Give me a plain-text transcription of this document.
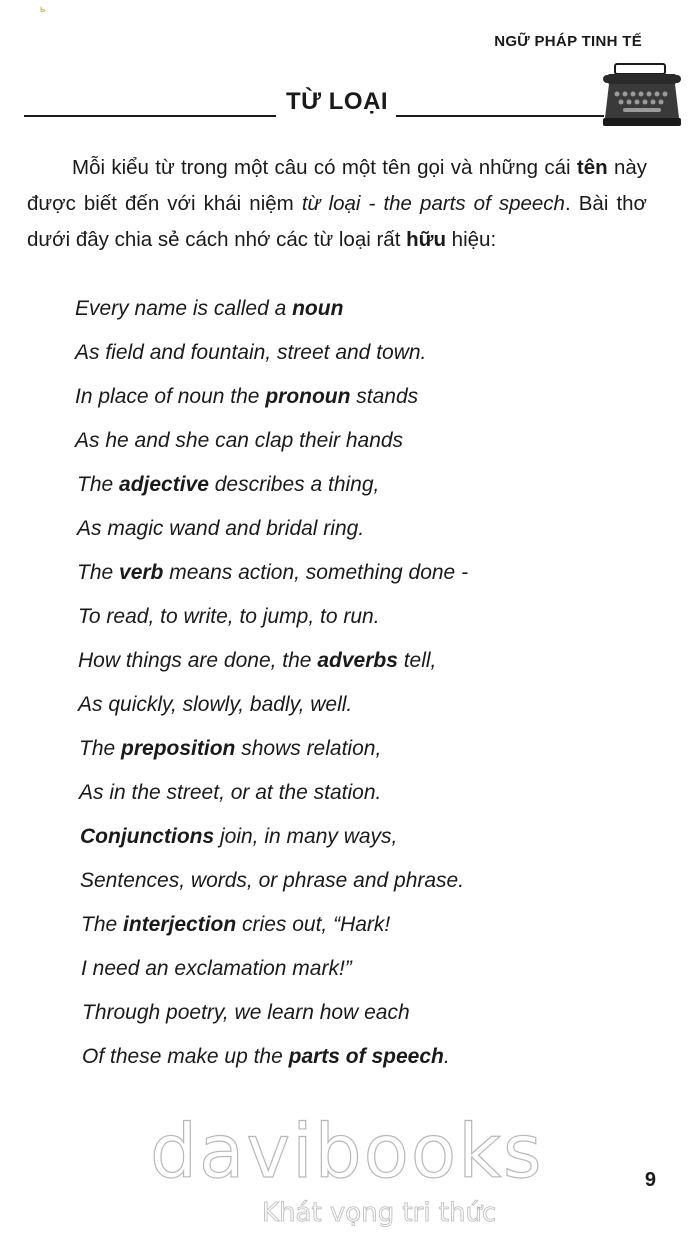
ь
NGỮ PHÁP TINH TẾ
TỪ LOẠI

Mỗi kiểu từ trong một câu có một tên gọi và những cái tên này được biết đến với khái niệm từ loại - the parts of speech. Bài thơ dưới đây chia sẻ cách nhớ các từ loại rất hữu hiệu:

Every name is called a noun
As field and fountain, street and town.
In place of noun the pronoun stands
As he and she can clap their hands
The adjective describes a thing,
As magic wand and bridal ring.
The verb means action, something done -
To read, to write, to jump, to run.
How things are done, the adverbs tell,
As quickly, slowly, badly, well.
The preposition shows relation,
As in the street, or at the station.
Conjunctions join, in many ways,
Sentences, words, or phrase and phrase.
The interjection cries out, “Hark!
I need an exclamation mark!”
Through poetry, we learn how each
Of these make up the parts of speech.
9
davibooks
Khát vọng tri thức
